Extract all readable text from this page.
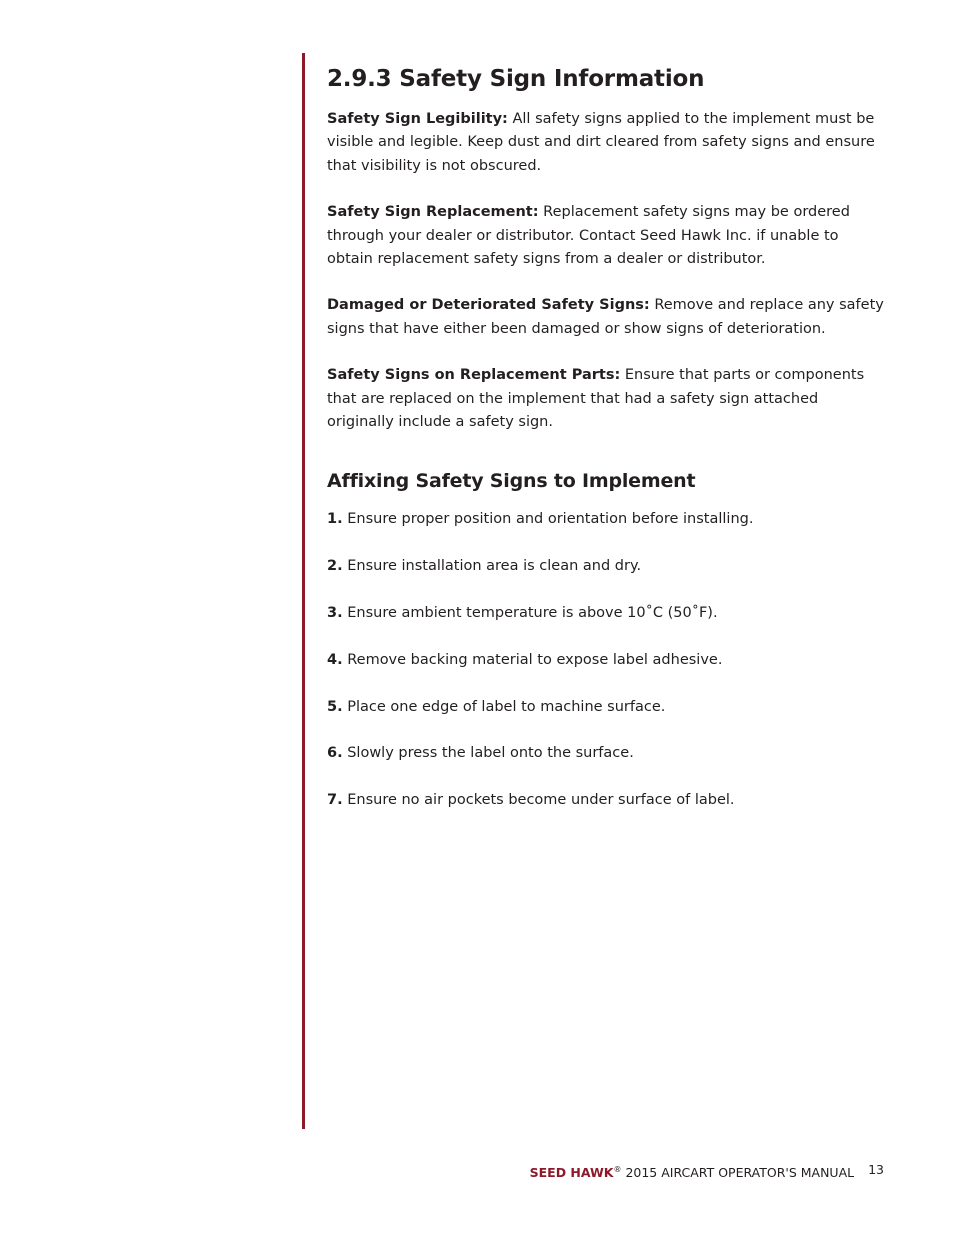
2.9.3 Safety Sign Information

Safety Sign Legibility: All safety signs applied to the implement must be visible and legible. Keep dust and dirt cleared from safety signs and ensure that visibility is not obscured.

Safety Sign Replacement: Replacement safety signs may be ordered through your dealer or distributor. Contact Seed Hawk Inc. if unable to obtain replacement safety signs from a dealer or distributor.

Damaged or Deteriorated Safety Signs: Remove and replace any safety signs that have either been damaged or show signs of deterioration.

Safety Signs on Replacement Parts: Ensure that parts or components that are replaced on the implement that had a safety sign attached originally include a safety sign.

Affixing Safety Signs to Implement
1. Ensure proper position and orientation before installing.
2. Ensure installation area is clean and dry.
3. Ensure ambient temperature is above 10˚C (50˚F).
4. Remove backing material to expose label adhesive.
5. Place one edge of label to machine surface.
6. Slowly press the label onto the surface.
7. Ensure no air pockets become under surface of label.
SEED HAWK® 2015 AIRCART OPERATOR'S MANUAL 13
